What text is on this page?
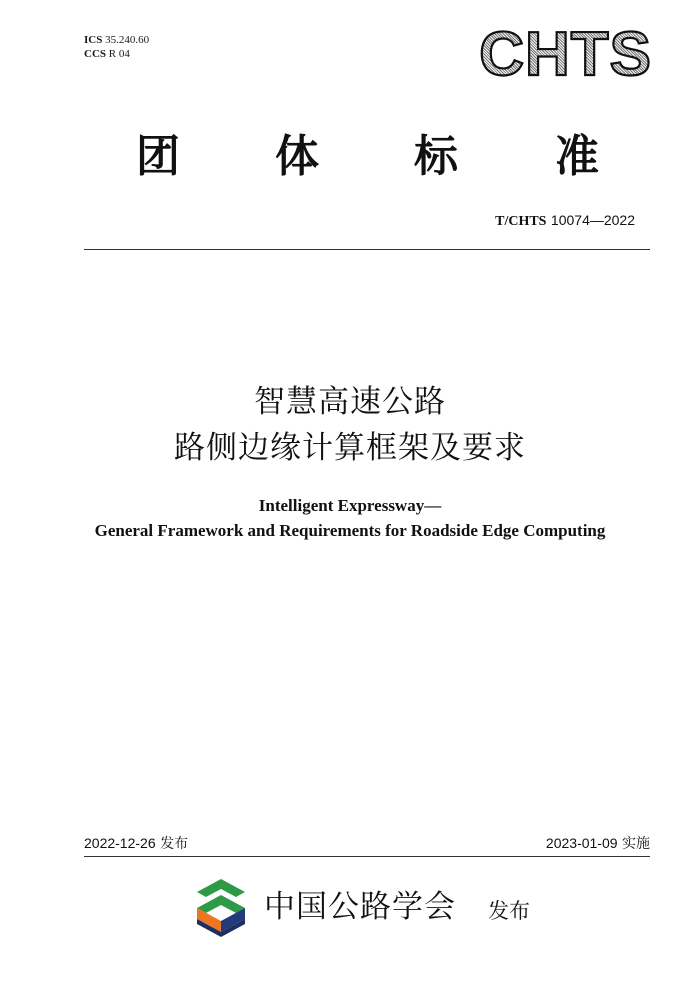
ICS 35.240.60
CCS R 04	CHTS
团 体 标 准
T/CHTS 10074—2022
智慧高速公路
路侧边缘计算框架及要求
Intelligent Expressway—
General Framework and Requirements for Roadside Edge Computing
2022-12-26 发布	2023-01-09 实施
中国公路学会 发布
